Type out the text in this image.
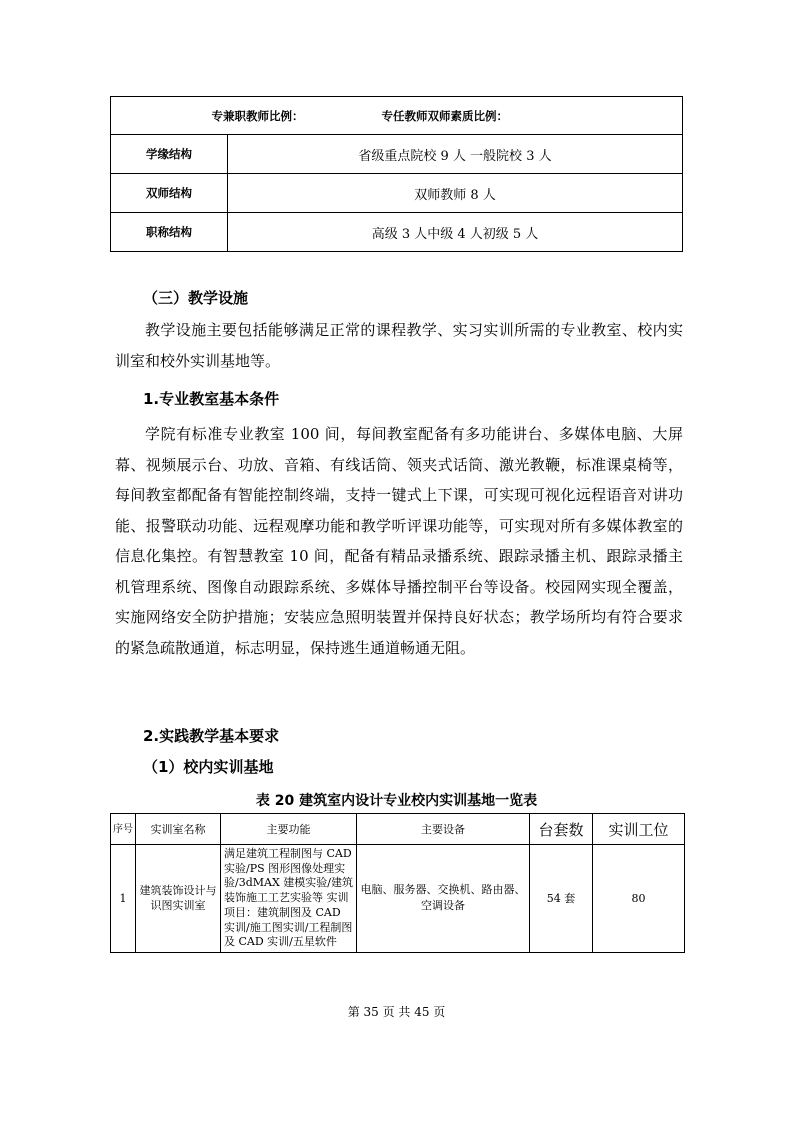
专兼职教师比例： 专任教师双师素质比例：	
学缘结构	省级重点院校 9 人 一般院校 3 人
双师结构	双师教师 8 人
职称结构	高级 3 人中级 4 人初级 5 人
（三）教学设施

教学设施主要包括能够满足正常的课程教学、实习实训所需的专业教室、校内实训室和校外实训基地等。

1.专业教室基本条件

学院有标准专业教室 100 间，每间教室配备有多功能讲台、多媒体电脑、大屏幕、视频展示台、功放、音箱、有线话筒、领夹式话筒、激光教鞭，标准课桌椅等，每间教室都配备有智能控制终端，支持一键式上下课，可实现可视化远程语音对讲功能、报警联动功能、远程观摩功能和教学听评课功能等，可实现对所有多媒体教室的信息化集控。有智慧教室 10 间，配备有精品录播系统、跟踪录播主机、跟踪录播主机管理系统、图像自动跟踪系统、多媒体导播控制平台等设备。校园网实现全覆盖，实施网络安全防护措施；安装应急照明装置并保持良好状态；教学场所均有符合要求的紧急疏散通道，标志明显，保持逃生通道畅通无阻。

2.实践教学基本要求
（1）校内实训基地
表 20 建筑室内设计专业校内实训基地一览表
序号	实训室名称	主要功能	主要设备	台套数	实训工位
1	建筑装饰设计与识图实训室	满足建筑工程制图与 CAD 实验/PS 图形图像处理实验/3dMAX 建模实验/建筑装饰施工工艺实验等 实训项目：建筑制图及 CAD 实训/施工图实训/工程制图及 CAD 实训/五星软件	电脑、服务器、交换机、路由器、空调设备	54 套	80
第 35 页 共 45 页
